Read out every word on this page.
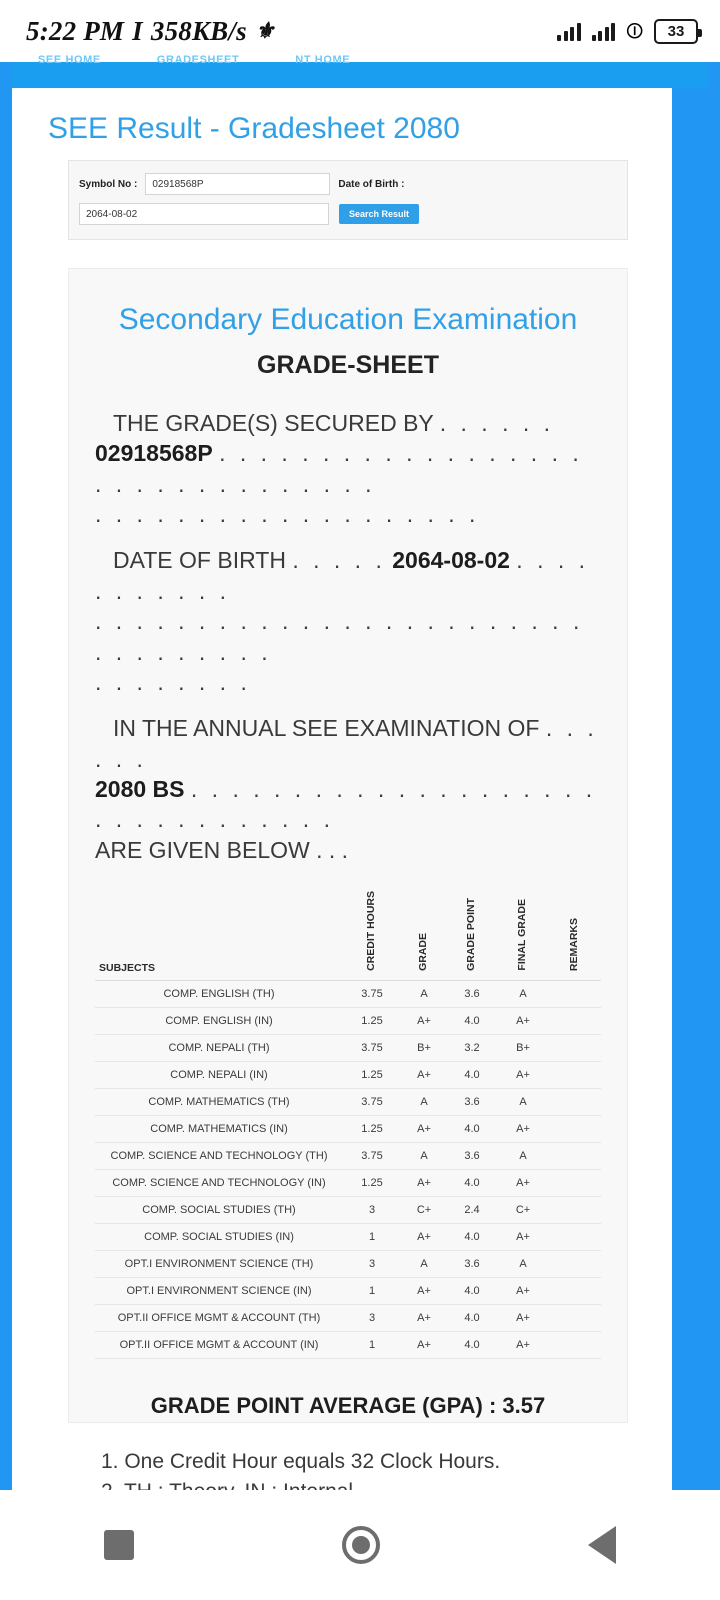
5:22 PM I 358KB/s ⚜	⏼ 33
SEE HOME	GRADESHEET	NT HOME
SEE Result - Gradesheet 2080
Symbol No :	02918568P	Date of Birth :
2064-08-02	Search Result
Secondary Education Examination
GRADE-SHEET
THE GRADE(S) SECURED BY . . . . . .
02918568P . . . . . . . . . . . . . . . . . . . . . . . . . . . . . . . .
. . . . . . . . . . . . . . . . . . .
DATE OF BIRTH . . . . . 2064-08-02 . . . . . . . . . . .
. . . . . . . . . . . . . . . . . . . . . . . . . . . . . . . . .
. . . . . . . .
IN THE ANNUAL SEE EXAMINATION OF . . . . . .
2080 BS . . . . . . . . . . . . . . . . . . . . . . . . . . . . . . . .
ARE GIVEN BELOW . . .
SUBJECTS	CREDIT HOURS	GRADE	GRADE POINT	FINAL GRADE	REMARKS
COMP. ENGLISH (TH)	3.75	A	3.6	A	
COMP. ENGLISH (IN)	1.25	A+	4.0	A+	
COMP. NEPALI (TH)	3.75	B+	3.2	B+	
COMP. NEPALI (IN)	1.25	A+	4.0	A+	
COMP. MATHEMATICS (TH)	3.75	A	3.6	A	
COMP. MATHEMATICS (IN)	1.25	A+	4.0	A+	
COMP. SCIENCE AND TECHNOLOGY (TH)	3.75	A	3.6	A	
COMP. SCIENCE AND TECHNOLOGY (IN)	1.25	A+	4.0	A+	
COMP. SOCIAL STUDIES (TH)	3	C+	2.4	C+	
COMP. SOCIAL STUDIES (IN)	1	A+	4.0	A+	
OPT.I ENVIRONMENT SCIENCE (TH)	3	A	3.6	A	
OPT.I ENVIRONMENT SCIENCE (IN)	1	A+	4.0	A+	
OPT.II OFFICE MGMT & ACCOUNT (TH)	3	A+	4.0	A+	
OPT.II OFFICE MGMT & ACCOUNT (IN)	1	A+	4.0	A+	
GRADE POINT AVERAGE (GPA) : 3.57
1. One Credit Hour equals 32 Clock Hours.
